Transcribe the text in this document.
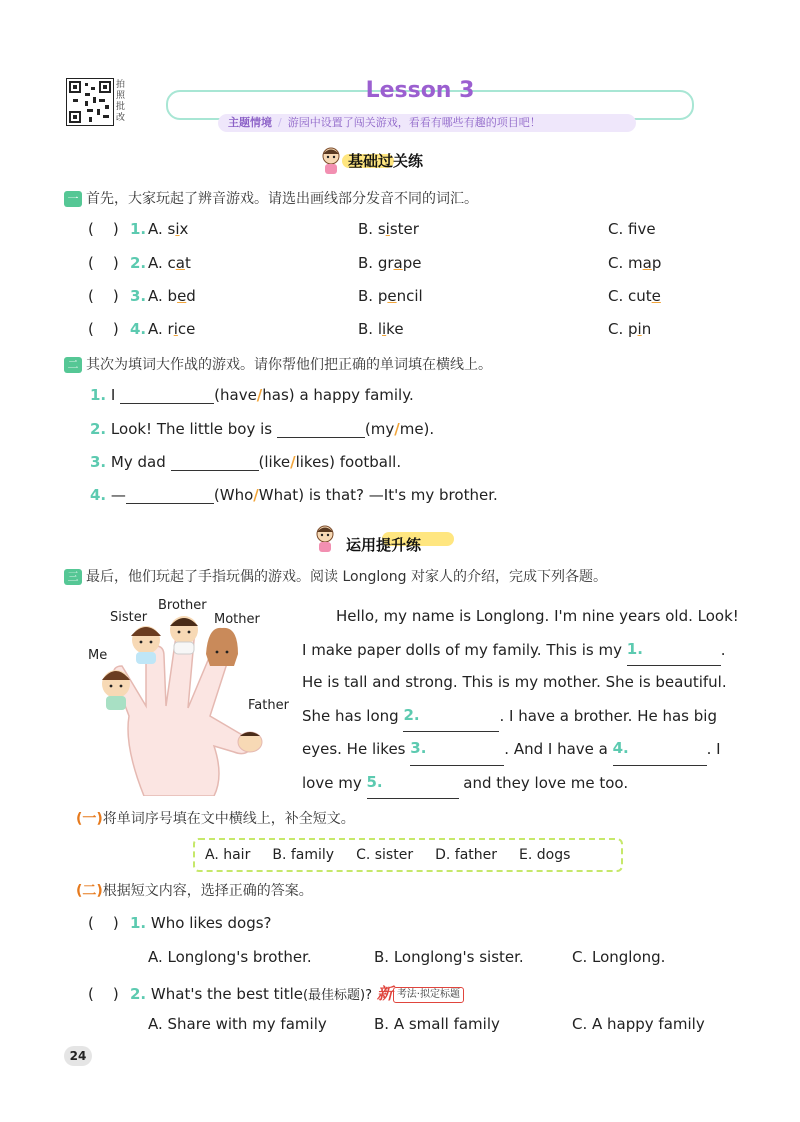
拍照批改
Lesson 3
主题情境 / 游园中设置了闯关游戏，看看有哪些有趣的项目吧！
基础过关练
一 首先，大家玩起了辨音游戏。请选出画线部分发音不同的词汇。
(    ) 1. A. six	B. sister	C. fve
(    ) 2. A. cat	B. grape	C. map
(    ) 3. A. bed	B. pencil	C. cute
(    ) 4. A. rice	B. like	C. pin
二 其次为填词大作战的游戏。请你帮他们把正确的单词填在横线上。
1. I	(have/has) a happy family.
2. Look! The little boy is	(my/me).
3. My dad	(like/likes) football.
4. —	(Who/What) is that? —It's my brother.
运用提升练
三 最后，他们玩起了手指玩偶的游戏。阅读 Longlong 对家人的介绍，完成下列各题。
Me
Sister
Brother
Mother
Father
Hello, my name is Longlong. I'm nine years old. Look!
I make paper dolls of my family. This is my 1.	.
He is tall and strong. This is my mother. She is beautiful.
She has long 2.	. I have a brother. He has big
eyes. He likes 3.	. And I have a 4.	. I
love my 5.	and they love me too.
(一)将单词序号填在文中横线上，补全短文。
A. hair B. family C. sister D. father E. dogs
(二)根据短文内容，选择正确的答案。
(    ) 1. Who likes dogs?
A. Longlong's brother.	B. Longlong's sister.	C. Longlong.
(    ) 2. What's the best title(最佳标题)? 新 考法·拟定标题
A. Share with my family	B. A small family	C. A happy family
24
